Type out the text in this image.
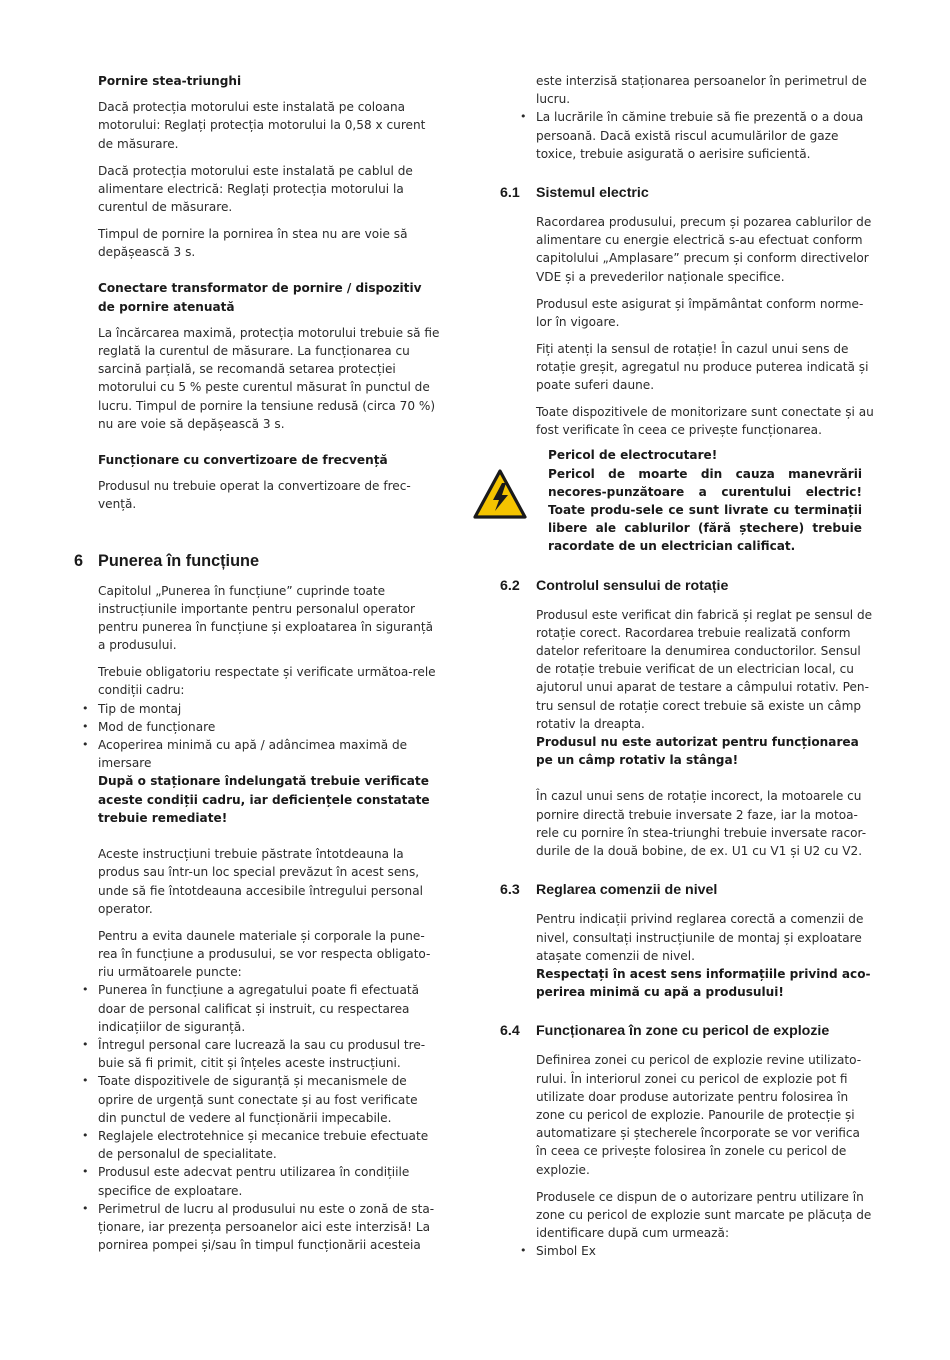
Pornire stea-triunghi

Dacă protecția motorului este instalată pe coloana motorului: Reglați protecția motorului la 0,58 x curent de măsurare.

Dacă protecția motorului este instalată pe cablul de alimentare electrică: Reglați protecția motorului la curentul de măsurare.

Timpul de pornire la pornirea în stea nu are voie să depășească 3 s.

Conectare transformator de pornire / dispozitiv de pornire atenuată

La încărcarea maximă, protecția motorului trebuie să fie reglată la curentul de măsurare. La funcționarea cu sarcină parțială, se recomandă setarea protecției motorului cu 5 % peste curentul măsurat în punctul de lucru. Timpul de pornire la tensiune redusă (circa 70 %) nu are voie să depășească 3 s.

Funcționare cu convertizoare de frecvență

Produsul nu trebuie operat la convertizoare de frec-vență.

6 Punerea în funcțiune

Capitolul „Punerea în funcțiune” cuprinde toate instrucțiunile importante pentru personalul operator pentru punerea în funcțiune și exploatarea în siguranță a produsului.

Trebuie obligatoriu respectate și verificate următoa-rele condiții cadru:

• Tip de montaj
• Mod de funcționare
• Acoperirea minimă cu apă / adâncimea maximă de imersare

După o staționare îndelungată trebuie verificate aceste condiții cadru, iar deficiențele constatate trebuie remediate!

Aceste instrucțiuni trebuie păstrate întotdeauna la produs sau într-un loc special prevăzut în acest sens, unde să fie întotdeauna accesibile întregului personal operator.

Pentru a evita daunele materiale și corporale la pune-rea în funcțiune a produsului, se vor respecta obligato-riu următoarele puncte:

• Punerea în funcțiune a agregatului poate fi efectuată doar de personal calificat și instruit, cu respectarea indicațiilor de siguranță.
• Întregul personal care lucrează la sau cu produsul tre-buie să fi primit, citit și înțeles aceste instrucțiuni.
• Toate dispozitivele de siguranță și mecanismele de oprire de urgență sunt conectate și au fost verificate din punctul de vedere al funcționării impecabile.
• Reglajele electrotehnice și mecanice trebuie efectuate de personalul de specialitate.
• Produsul este adecvat pentru utilizarea în condițiile specifice de exploatare.
• Perimetrul de lucru al produsului nu este o zonă de sta-ționare, iar prezența persoanelor aici este interzisă! La pornirea pompei și/sau în timpul funcționării acesteia

este interzisă staționarea persoanelor în perimetrul de lucru.

• La lucrările în cămine trebuie să fie prezentă o a doua persoană. Dacă există riscul acumulărilor de gaze toxice, trebuie asigurată o aerisire suficientă.
6.1 Sistemul electric

Racordarea produsului, precum și pozarea cablurilor de alimentare cu energie electrică s-au efectuat conform capitolului „Amplasare” precum și conform directivelor VDE și a prevederilor naționale specifice.

Produsul este asigurat și împământat conform norme-lor în vigoare.

Fiți atenți la sensul de rotație! În cazul unui sens de rotație greșit, agregatul nu produce puterea indicată și poate suferi daune.

Toate dispozitivele de monitorizare sunt conectate și au fost verificate în ceea ce privește funcționarea.

Pericol de electrocutare!

Pericol de moarte din cauza manevrării necores-punzătoare a curentului electric! Toate produ-sele ce sunt livrate cu terminații libere ale cablurilor (fără ștechere) trebuie racordate de un electrician calificat.

6.2 Controlul sensului de rotație

Produsul este verificat din fabrică și reglat pe sensul de rotație corect. Racordarea trebuie realizată conform datelor referitoare la denumirea conductorilor. Sensul de rotație trebuie verificat de un electrician local, cu ajutorul unui aparat de testare a câmpului rotativ. Pen-tru sensul de rotație corect trebuie să existe un câmp rotativ la dreapta.

Produsul nu este autorizat pentru funcționarea pe un câmp rotativ la stânga!

În cazul unui sens de rotație incorect, la motoarele cu pornire directă trebuie inversate 2 faze, iar la motoa-rele cu pornire în stea-triunghi trebuie inversate racor-durile de la două bobine, de ex. U1 cu V1 și U2 cu V2.

6.3 Reglarea comenzii de nivel

Pentru indicații privind reglarea corectă a comenzii de nivel, consultați instrucțiunile de montaj și exploatare atașate comenzii de nivel.

Respectați în acest sens informațiile privind aco-perirea minimă cu apă a produsului!

6.4 Funcționarea în zone cu pericol de explozie

Definirea zonei cu pericol de explozie revine utilizato-rului. În interiorul zonei cu pericol de explozie pot fi utilizate doar produse autorizate pentru folosirea în zone cu pericol de explozie. Panourile de protecție și automatizare și ștecherele încorporate se vor verifica în ceea ce privește folosirea în zonele cu pericol de explozie.

Produsele ce dispun de o autorizare pentru utilizare în zone cu pericol de explozie sunt marcate pe plăcuța de identificare după cum urmează:

• Simbol Ex
